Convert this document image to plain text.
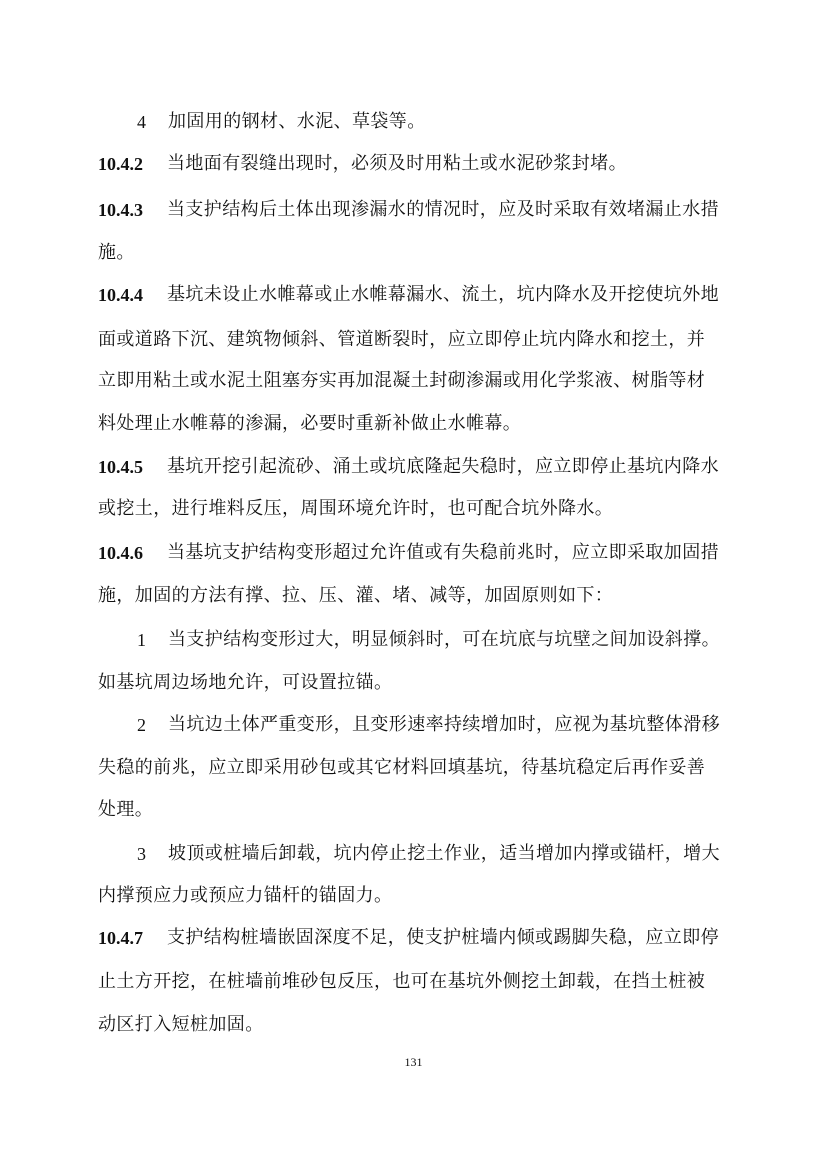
4 加固用的钢材、水泥、草袋等。
10.4.2 当地面有裂缝出现时，必须及时用粘土或水泥砂浆封堵。
10.4.3 当支护结构后土体出现渗漏水的情况时，应及时采取有效堵漏止水措
施。
10.4.4 基坑未设止水帷幕或止水帷幕漏水、流土，坑内降水及开挖使坑外地
面或道路下沉、建筑物倾斜、管道断裂时，应立即停止坑内降水和挖土，并
立即用粘土或水泥土阻塞夯实再加混凝土封砌渗漏或用化学浆液、树脂等材
料处理止水帷幕的渗漏，必要时重新补做止水帷幕。
10.4.5 基坑开挖引起流砂、涌土或坑底隆起失稳时，应立即停止基坑内降水
或挖土，进行堆料反压，周围环境允许时，也可配合坑外降水。
10.4.6 当基坑支护结构变形超过允许值或有失稳前兆时，应立即采取加固措
施，加固的方法有撑、拉、压、灌、堵、减等，加固原则如下：
1 当支护结构变形过大，明显倾斜时，可在坑底与坑壁之间加设斜撑。
如基坑周边场地允许，可设置拉锚。
2 当坑边土体严重变形，且变形速率持续增加时，应视为基坑整体滑移
失稳的前兆，应立即采用砂包或其它材料回填基坑，待基坑稳定后再作妥善
处理。
3 坡顶或桩墙后卸载，坑内停止挖土作业，适当增加内撑或锚杆，增大
内撑预应力或预应力锚杆的锚固力。
10.4.7 支护结构桩墙嵌固深度不足，使支护桩墙内倾或踢脚失稳，应立即停
止土方开挖，在桩墙前堆砂包反压，也可在基坑外侧挖土卸载，在挡土桩被
动区打入短桩加固。
131
